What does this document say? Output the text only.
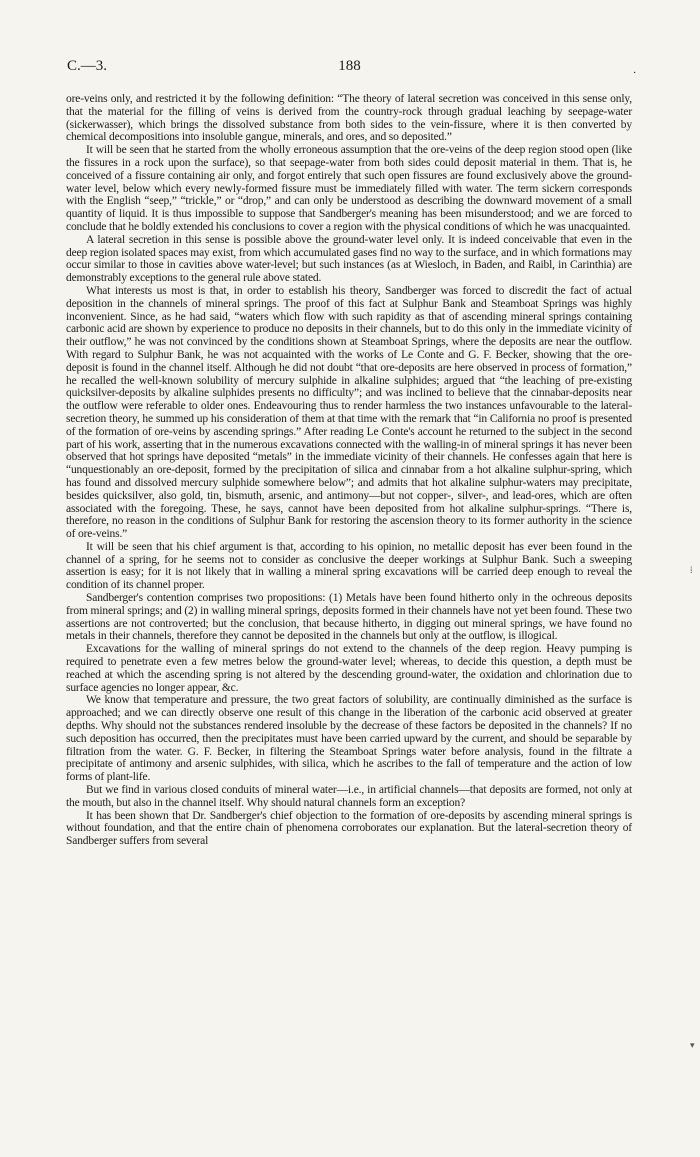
C.—3.	188	.

ore-veins only, and restricted it by the following definition: “The theory of lateral secretion was conceived in this sense only, that the material for the filling of veins is derived from the country-rock through gradual leaching by seepage-water (sickerwasser), which brings the dissolved substance from both sides to the vein-fissure, where it is then converted by chemical decompositions into insoluble gangue, minerals, and ores, and so deposited.”

It will be seen that he started from the wholly erroneous assumption that the ore-veins of the deep region stood open (like the fissures in a rock upon the surface), so that seepage-water from both sides could deposit material in them. That is, he conceived of a fissure containing air only, and forgot entirely that such open fissures are found exclusively above the ground-water level, below which every newly-formed fissure must be immediately filled with water. The term sickern corresponds with the English “seep,” “trickle,” or “drop,” and can only be understood as describing the downward movement of a small quantity of liquid. It is thus impossible to suppose that Sandberger's meaning has been misunderstood; and we are forced to conclude that he boldly extended his conclusions to cover a region with the physical conditions of which he was unacquainted.

A lateral secretion in this sense is possible above the ground-water level only. It is indeed conceivable that even in the deep region isolated spaces may exist, from which accumulated gases find no way to the surface, and in which formations may occur similar to those in cavities above water-level; but such instances (as at Wiesloch, in Baden, and Raibl, in Carinthia) are demonstrably exceptions to the general rule above stated.

What interests us most is that, in order to establish his theory, Sandberger was forced to discredit the fact of actual deposition in the channels of mineral springs. The proof of this fact at Sulphur Bank and Steamboat Springs was highly inconvenient. Since, as he had said, “waters which flow with such rapidity as that of ascending mineral springs containing carbonic acid are shown by experience to produce no deposits in their channels, but to do this only in the immediate vicinity of their outflow,” he was not convinced by the conditions shown at Steamboat Springs, where the deposits are near the outflow. With regard to Sulphur Bank, he was not acquainted with the works of Le Conte and G. F. Becker, showing that the ore-deposit is found in the channel itself. Although he did not doubt “that ore-deposits are here observed in process of formation,” he recalled the well-known solubility of mercury sulphide in alkaline sulphides; argued that “the leaching of pre-existing quicksilver-deposits by alkaline sulphides presents no difficulty”; and was inclined to believe that the cinnabar-deposits near the outflow were referable to older ones. Endeavouring thus to render harmless the two instances unfavourable to the lateral-secretion theory, he summed up his consideration of them at that time with the remark that “in California no proof is presented of the formation of ore-veins by ascending springs.” After reading Le Conte's account he returned to the subject in the second part of his work, asserting that in the numerous excavations connected with the walling-in of mineral springs it has never been observed that hot springs have deposited “metals” in the immediate vicinity of their channels. He confesses again that here is “unquestionably an ore-deposit, formed by the precipitation of silica and cinnabar from a hot alkaline sulphur-spring, which has found and dissolved mercury sulphide somewhere below”; and admits that hot alkaline sulphur-waters may precipitate, besides quicksilver, also gold, tin, bismuth, arsenic, and antimony—but not copper-, silver-, and lead-ores, which are often associated with the foregoing. These, he says, cannot have been deposited from hot alkaline sulphur-springs. “There is, therefore, no reason in the conditions of Sulphur Bank for restoring the ascension theory to its former authority in the science of ore-veins.”

It will be seen that his chief argument is that, according to his opinion, no metallic deposit has ever been found in the channel of a spring, for he seems not to consider as conclusive the deeper workings at Sulphur Bank. Such a sweeping assertion is easy; for it is not likely that in walling a mineral spring excavations will be carried deep enough to reveal the condition of its channel proper.

Sandberger's contention comprises two propositions: (1) Metals have been found hitherto only in the ochreous deposits from mineral springs; and (2) in walling mineral springs, deposits formed in their channels have not yet been found. These two assertions are not controverted; but the conclusion, that because hitherto, in digging out mineral springs, we have found no metals in their channels, therefore they cannot be deposited in the channels but only at the outflow, is illogical.

Excavations for the walling of mineral springs do not extend to the channels of the deep region. Heavy pumping is required to penetrate even a few metres below the ground-water level; whereas, to decide this question, a depth must be reached at which the ascending spring is not altered by the descending ground-water, the oxidation and chlorination due to surface agencies no longer appear, &c.

We know that temperature and pressure, the two great factors of solubility, are continually diminished as the surface is approached; and we can directly observe one result of this change in the liberation of the carbonic acid observed at greater depths. Why should not the substances rendered insoluble by the decrease of these factors be deposited in the channels? If no such deposition has occurred, then the precipitates must have been carried upward by the current, and should be separable by filtration from the water. G. F. Becker, in filtering the Steamboat Springs water before analysis, found in the filtrate a precipitate of antimony and arsenic sulphides, with silica, which he ascribes to the fall of temperature and the action of low forms of plant-life.

But we find in various closed conduits of mineral water—i.e., in artificial channels—that deposits are formed, not only at the mouth, but also in the channel itself. Why should natural channels form an exception?

It has been shown that Dr. Sandberger's chief objection to the formation of ore-deposits by ascending mineral springs is without foundation, and that the entire chain of phenomena corroborates our explanation. But the lateral-secretion theory of Sandberger suffers from several

⁞
▾
